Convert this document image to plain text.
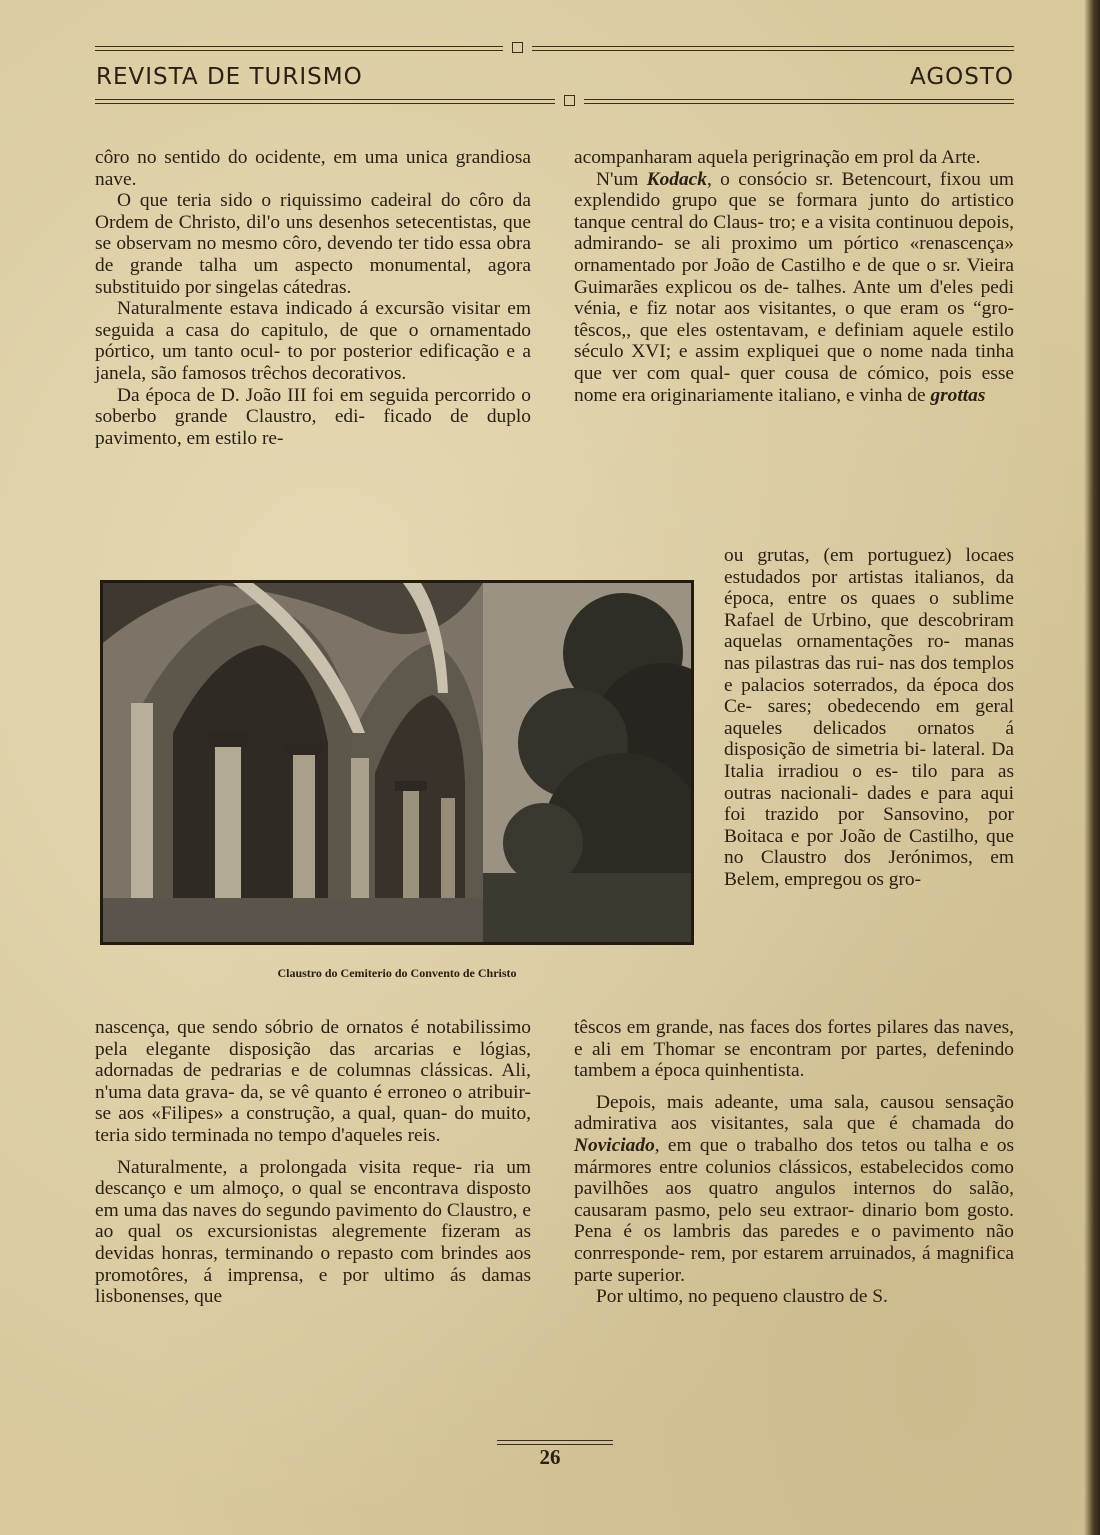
REVISTA DE TURISMO	AGOSTO

côro no sentido do ocidente, em uma unica grandiosa nave.

O que teria sido o riquissimo cadeiral do côro da Ordem de Christo, dil'o uns desenhos setecentistas, que se observam no mesmo côro, devendo ter tido essa obra de grande talha um aspecto monumental, agora substituido por singelas cátedras.

Naturalmente estava indicado á excursão visitar em seguida a casa do capitulo, de que o ornamentado pórtico, um tanto ocul- to por posterior edificação e a janela, são famosos trêchos decorativos.

Da época de D. João III foi em seguida percorrido o soberbo grande Claustro, edi- ficado de duplo pavimento, em estilo re-

Claustro do Cemiterio do Convento de Christo

nascença, que sendo sóbrio de ornatos é notabilissimo pela elegante disposição das arcarias e lógias, adornadas de pedrarias e de columnas clássicas. Ali, n'uma data grava- da, se vê quanto é erroneo o atribuir-se aos «Filipes» a construção, a qual, quan- do muito, teria sido terminada no tempo d'aqueles reis.

Naturalmente, a prolongada visita reque- ria um descanço e um almoço, o qual se encontrava disposto em uma das naves do segundo pavimento do Claustro, e ao qual os excursionistas alegremente fizeram as devidas honras, terminando o repasto com brindes aos promotôres, á imprensa, e por ultimo ás damas lisbonenses, que

acompanharam aquela perigrinação em prol da Arte.

N'um Kodack, o consócio sr. Betencourt, fixou um explendido grupo que se formara junto do artistico tanque central do Claus- tro; e a visita continuou depois, admirando- se ali proximo um pórtico «renascença» ornamentado por João de Castilho e de que o sr. Vieira Guimarães explicou os de- talhes. Ante um d'eles pedi vénia, e fiz notar aos visitantes, o que eram os “gro- têscos,, que eles ostentavam, e definiam aquele estilo século XVI; e assim expliquei que o nome nada tinha que ver com qual- quer cousa de cómico, pois esse nome era originariamente italiano, e vinha de grottas

ou grutas, (em portuguez) locaes estudados por artistas italianos, da época, entre os quaes o sublime Rafael de Urbino, que descobriram aquelas ornamentações ro- manas nas pilastras das rui- nas dos templos e palacios soterrados, da época dos Ce- sares; obedecendo em geral aqueles delicados ornatos á disposição de simetria bi- lateral. Da Italia irradiou o es- tilo para as outras nacionali- dades e para aqui foi trazido por Sansovino, por Boitaca e por João de Castilho, que no Claustro dos Jerónimos, em Belem, empregou os gro-

têscos em grande, nas faces dos fortes pilares das naves, e ali em Thomar se encontram por partes, defenindo tambem a época quinhentista.

Depois, mais adeante, uma sala, causou sensação admirativa aos visitantes, sala que é chamada do Noviciado, em que o trabalho dos tetos ou talha e os mármores entre colunios clássicos, estabelecidos como pavilhões aos quatro angulos internos do salão, causaram pasmo, pelo seu extraor- dinario bom gosto. Pena é os lambris das paredes e o pavimento não conrresponde- rem, por estarem arruinados, á magnifica parte superior.

Por ultimo, no pequeno claustro de S.

26
